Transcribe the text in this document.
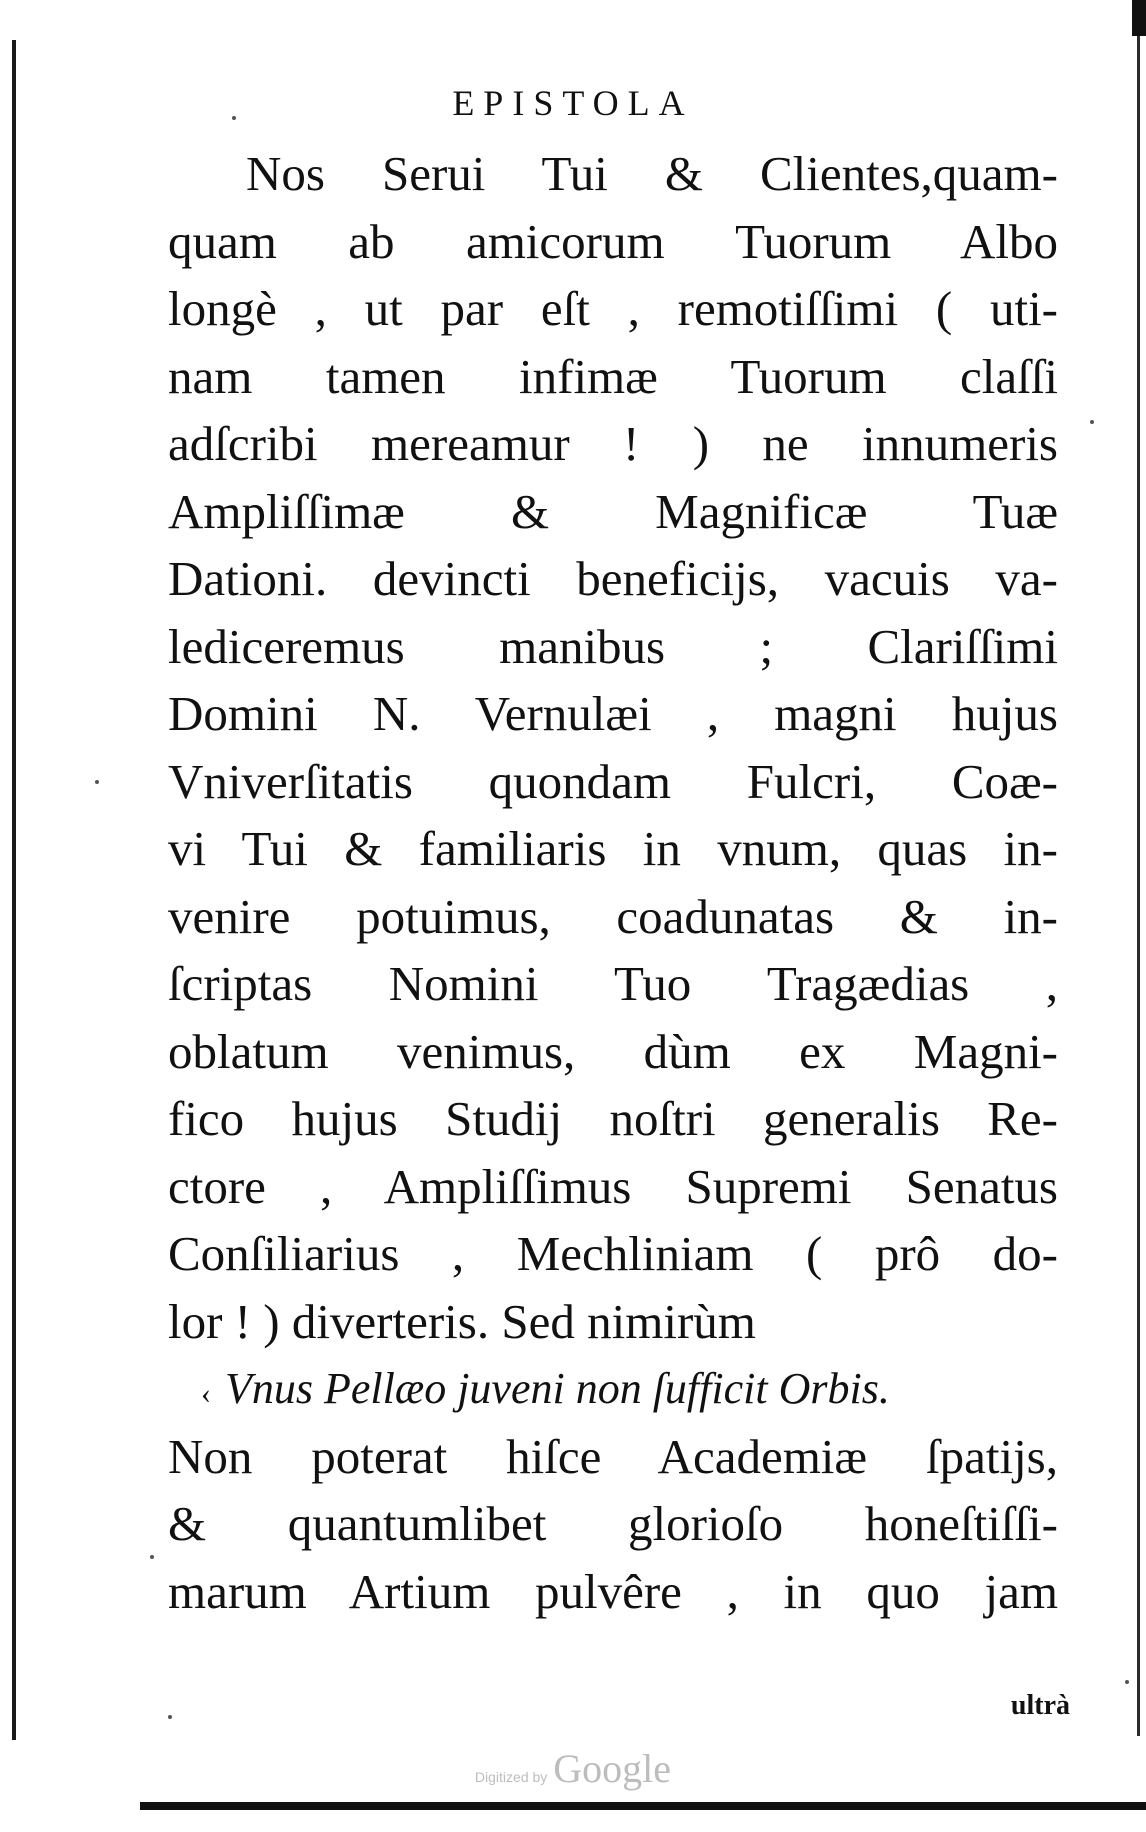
EPISTOLA
Nos Serui Tui & Clientes,quam-
quam ab amicorum Tuorum Albo
longè , ut par eſt , remotiſſimi ( uti-
nam tamen infimæ Tuorum claſſi
adſcribi mereamur ! ) ne innumeris
Ampliſſimæ & Magnificæ Tuæ
Dationi. devincti beneficijs, vacuis va-
lediceremus manibus ; Clariſſimi
Domini N. Vernulæi , magni hujus
Vniverſitatis quondam Fulcri, Coæ-
vi Tui & familiaris in vnum, quas in-
venire potuimus, coadunatas & in-
ſcriptas Nomini Tuo Tragædias ,
oblatum venimus, dùm ex Magni-
fico hujus Studij noſtri generalis Re-
ctore , Ampliſſimus Supremi Senatus
Conſiliarius , Mechliniam ( prô do-
lor ! ) diverteris. Sed nimirùm
‹ Vnus Pellæo juveni non ſufficit Orbis.
Non poterat hiſce Academiæ ſpatijs,
& quantumlibet glorioſo honeſtiſſi-
marum Artium pulvêre , in quo jam
ultrà
Digitized by Google
